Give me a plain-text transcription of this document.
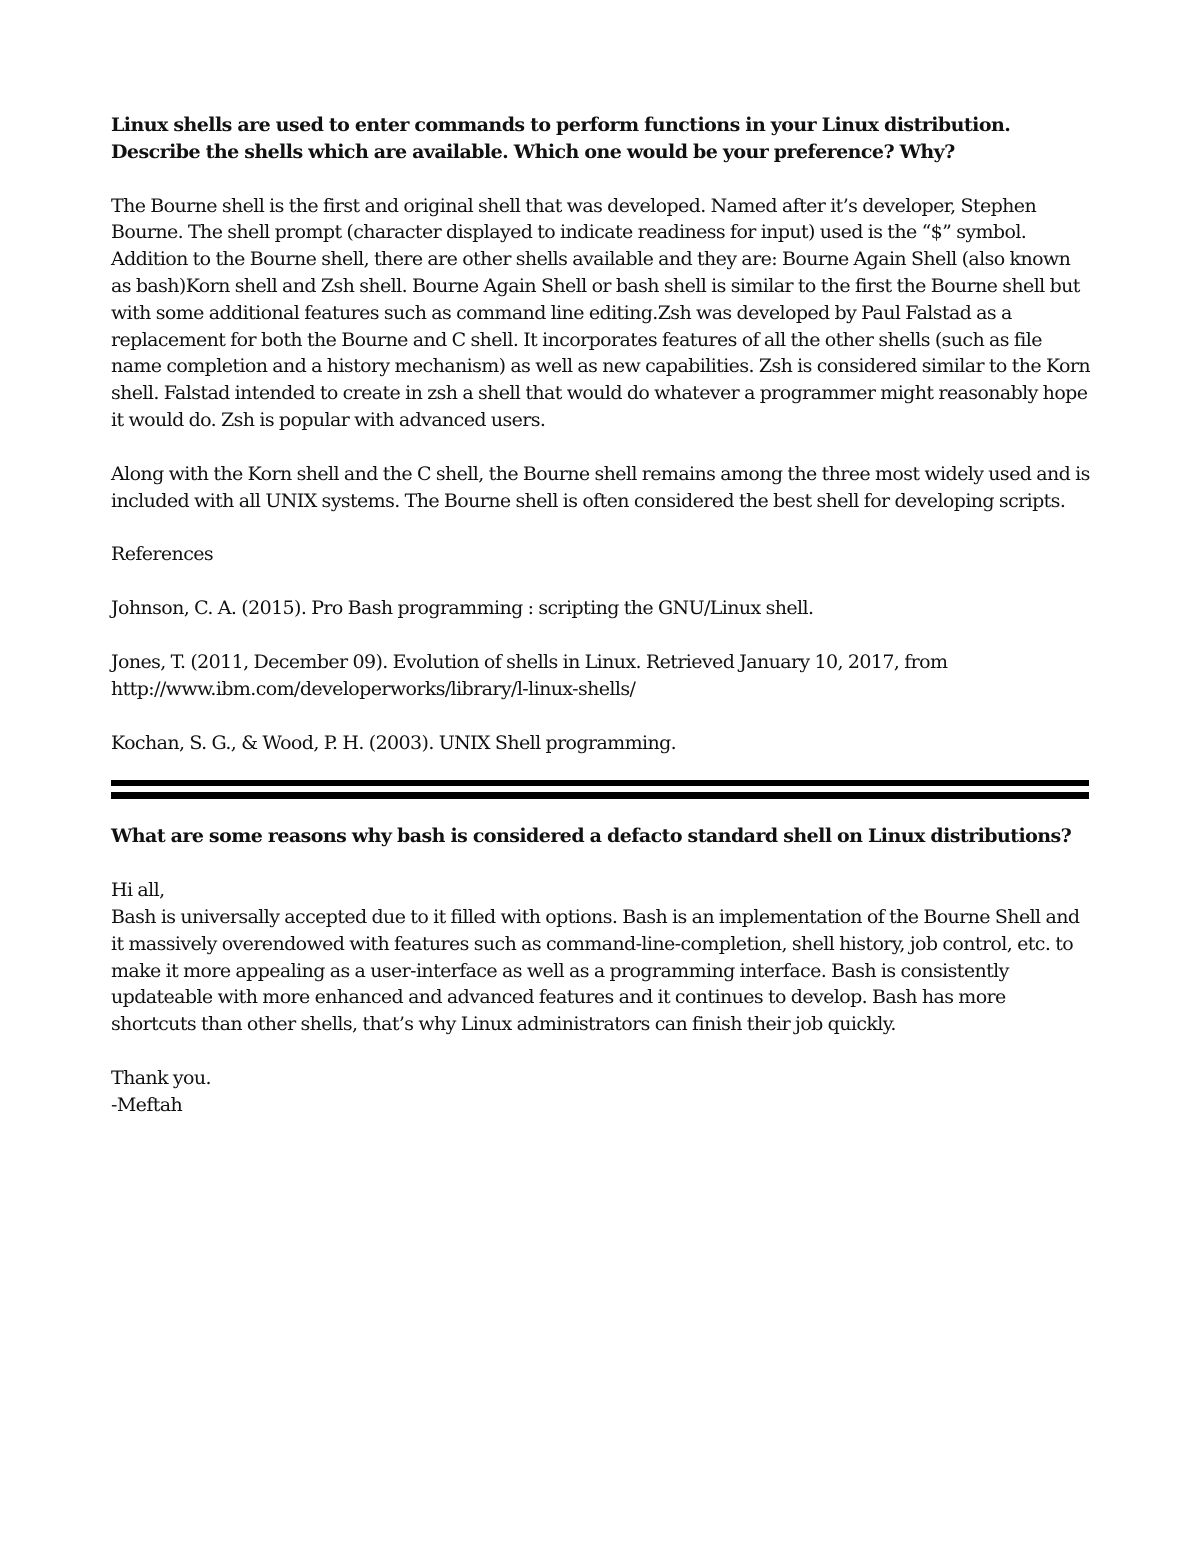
Linux shells are used to enter commands to perform functions in your Linux distribution.

Describe the shells which are available. Which one would be your preference? Why?

The Bourne shell is the first and original shell that was developed. Named after it’s developer, Stephen Bourne. The shell prompt (character displayed to indicate readiness for input) used is the “$” symbol. Addition to the Bourne shell, there are other shells available and they are: Bourne Again Shell (also known as bash)Korn shell and Zsh shell. Bourne Again Shell or bash shell is similar to the first the Bourne shell but with some additional features such as command line editing.Zsh was developed by Paul Falstad as a replacement for both the Bourne and C shell. It incorporates features of all the other shells (such as file name completion and a history mechanism) as well as new capabilities. Zsh is considered similar to the Korn shell. Falstad intended to create in zsh a shell that would do whatever a programmer might reasonably hope it would do. Zsh is popular with advanced users.

Along with the Korn shell and the C shell, the Bourne shell remains among the three most widely used and is included with all UNIX systems. The Bourne shell is often considered the best shell for developing scripts.

References

Johnson, C. A. (2015). Pro Bash programming : scripting the GNU/Linux shell.

Jones, T. (2011, December 09). Evolution of shells in Linux. Retrieved January 10, 2017, from http://www.ibm.com/developerworks/library/l-linux-shells/

Kochan, S. G., & Wood, P. H. (2003). UNIX Shell programming.

What are some reasons why bash is considered a defacto standard shell on Linux distributions?

Hi all,

Bash is universally accepted due to it filled with options. Bash is an implementation of the Bourne Shell and it massively overendowed with features such as command-line-completion, shell history, job control, etc. to make it more appealing as a user-interface as well as a programming interface. Bash is consistently updateable with more enhanced and advanced features and it continues to develop. Bash has more shortcuts than other shells, that’s why Linux administrators can finish their job quickly.

Thank you.

-Meftah
